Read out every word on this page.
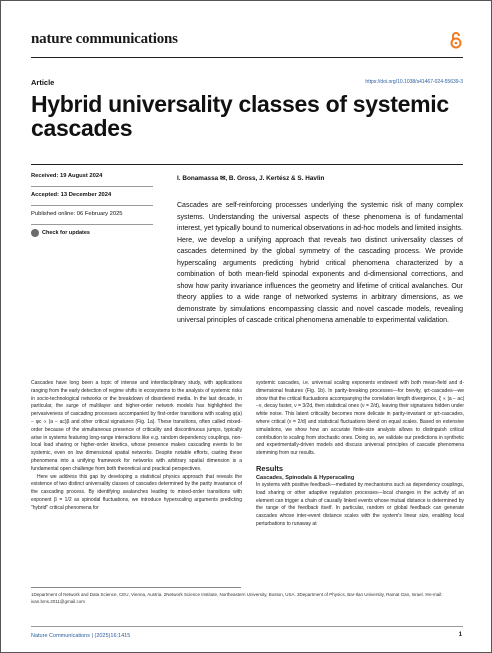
nature communications
Article	https://doi.org/10.1038/s41467-024-55639-3
Hybrid universality classes of systemic cascades
Received: 19 August 2024
Accepted: 13 December 2024
Published online: 06 February 2025
Check for updates
I. Bonamassa ✉, B. Gross, J. Kertész & S. Havlin
Cascades are self-reinforcing processes underlying the systemic risk of many complex systems. Understanding the universal aspects of these phenomena is of fundamental interest, yet typically bound to numerical observations in ad-hoc models and limited insights. Here, we develop a unifying approach that reveals two distinct universality classes of cascades determined by the global symmetry of the cascading process. We provide hyperscaling arguments predicting hybrid critical phenomena characterized by a combination of both mean-field spinodal exponents and d-dimensional corrections, and show how parity invariance influences the geometry and lifetime of critical avalanches. Our theory applies to a wide range of networked systems in arbitrary dimensions, as we demonstrate by simulations encompassing classic and novel cascade models, revealing universal principles of cascade critical phenomena amenable to experimental validation.

Cascades have long been a topic of intense and interdisciplinary study, with applications ranging from the early detection of regime shifts in ecosystems to the analysis of systemic risks in socio-technological networks or the breakdown of disordered media. In the last decade, in particular, the surge of multilayer and higher-order network models has highlighted the pervasiveness of cascading processes accompanied by first-order transitions with scaling φ(a) − φc ∝ (a − ac)β and other critical signatures (Fig. 1a). These transitions, often called mixed-order because of the simultaneous presence of criticality and discontinuous jumps, typically arise in systems featuring long-range interactions like e.g. random dependency couplings, non-local load sharing or higher-order kinetics, whose presence makes cascading events to be systemic, even on low dimensional spatial networks. Despite notable efforts, casting these phenomena into a unifying framework for networks with arbitrary spatial dimension is a fundamental open challenge from both theoretical and practical perspectives.

Here we address this gap by developing a statistical physics approach that reveals the existence of two distinct universality classes of cascades determined by the parity invariance of the cascading process. By identifying avalanches leading to mixed-order transitions with exponent β = 1/2 as spinodal fluctuations, we introduce hyperscaling arguments predicting "hybrid" critical phenomena for

systemic cascades, i.e. universal scaling exponents endowed with both mean-field and d-dimensional features (Fig. 1b). In parity-breaking processes—for brevity, φ±-cascades—we show that the critical fluctuations accompanying the correlation length divergence, ξ ∝ |a − ac|−ν, decay faster, ν = 3/2d, then statistical ones (ν = 2/d), leaving their signatures hidden under white noise. This latent criticality becomes more delicate in parity-invariant or φ±-cascades, where critical (ν = 2/d) and statistical fluctuations blend on equal scales. Based on extensive simulations, we show how an accurate finite-size analysis allows to distinguish critical contribution to scaling from stochastic ones. Doing so, we validate our predictions in synthetic and experimentally-driven models and discuss universal principles of cascade phenomena stemming from our results.

Results
Cascades, Spinodals & Hyperscaling

In systems with positive feedback—mediated by mechanisms such as dependency couplings, load sharing or other adaptive regulation processes—local changes in the activity of an element can trigger a chain of causally linked events whose mutual distance is determined by the range of the feedback itself. In particular, random or global feedback can generate cascades whose inter-event distance scales with the system's linear size, enabling local perturbations to runaway at

1Department of Network and Data Science, CEU, Vienna, Austria. 2Network Science Institute, Northeastern University, Boston, USA. 3Department of Physics, Bar-Ilan University, Ramat Gan, Israel. ✉e-mail: ivan.bms.2011@gmail.com
Nature Communications | (2025)16:1415	1
